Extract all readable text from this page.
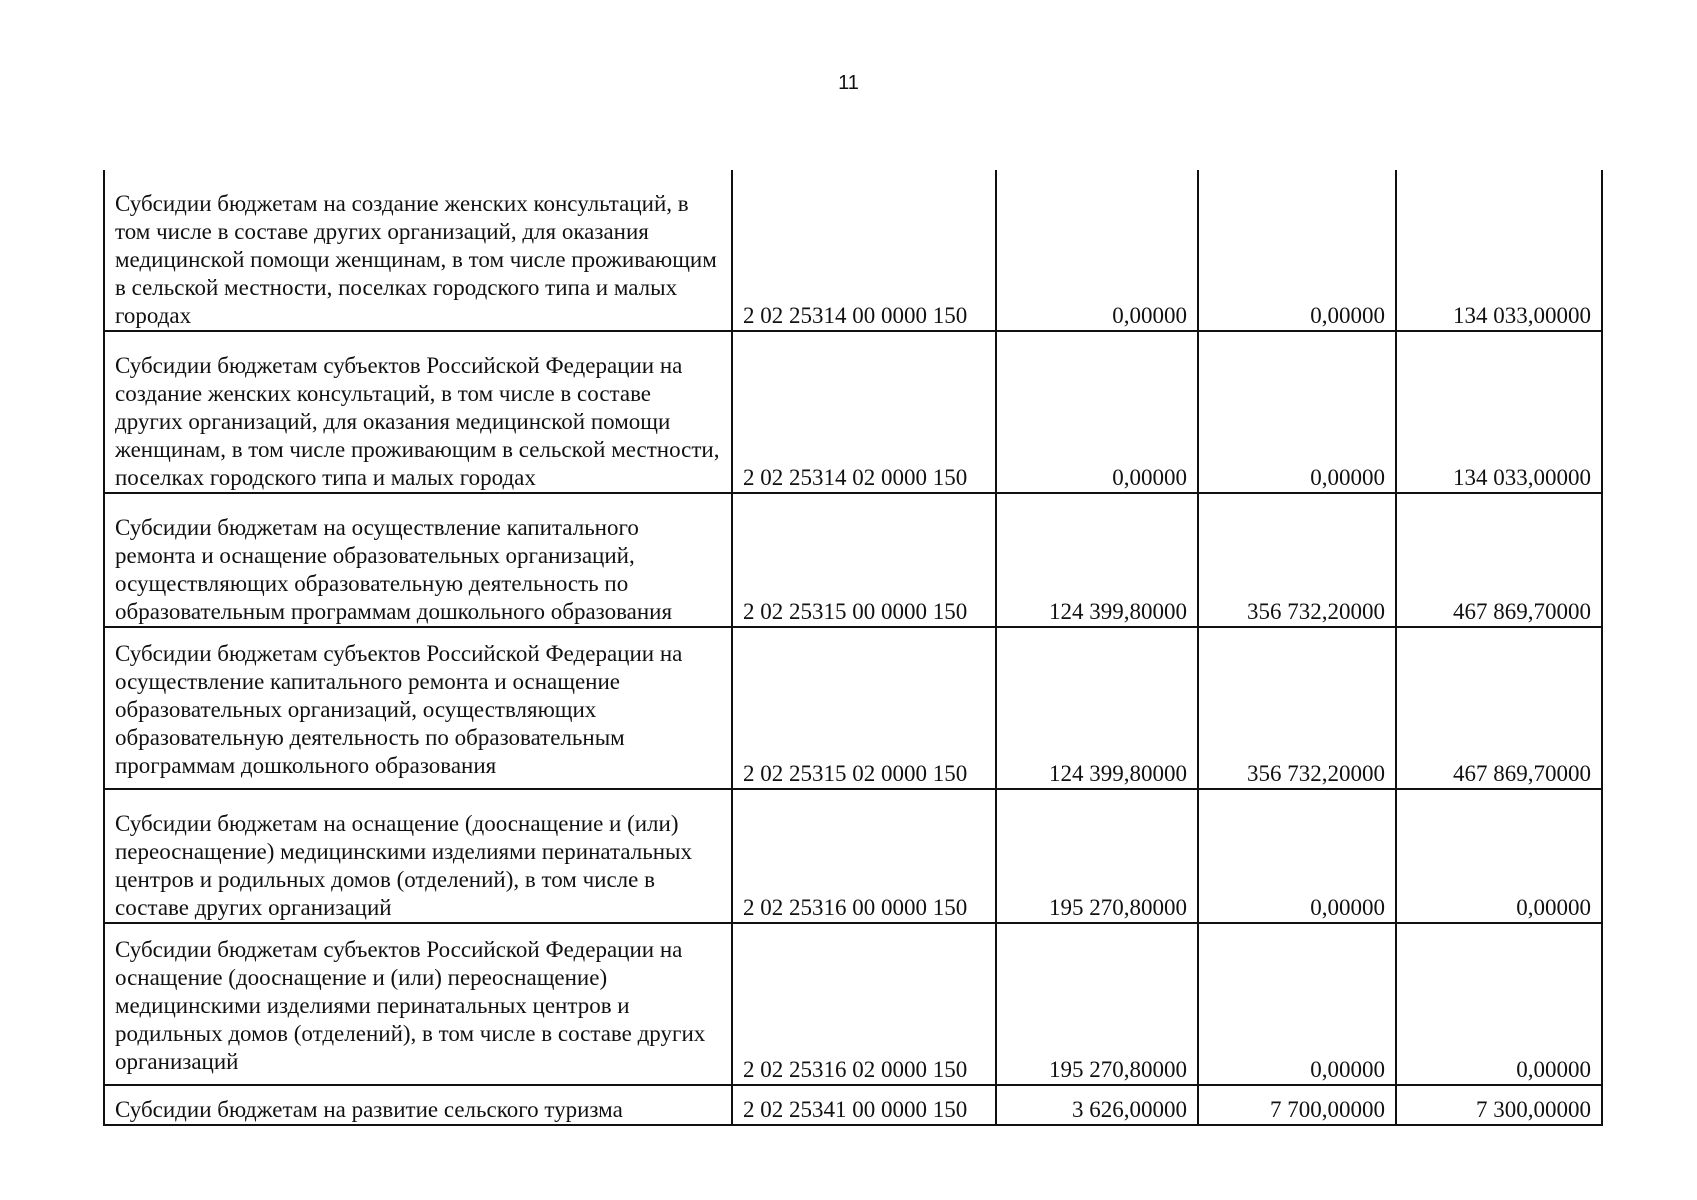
11
Субсидии бюджетам на создание женских консультаций, в том числе в составе других организаций, для оказания медицинской помощи женщинам, в том числе проживающим в сельской местности, поселках городского типа и малых городах	2 02 25314 00 0000 150	0,00000	0,00000	134 033,00000

Субсидии бюджетам субъектов Российской Федерации на создание женских консультаций, в том числе в составе других организаций, для оказания медицинской помощи женщинам, в том числе проживающим в сельской местности, поселках городского типа и малых городах	2 02 25314 02 0000 150	0,00000	0,00000	134 033,00000

Субсидии бюджетам на осуществление капитального ремонта и оснащение образовательных организаций, осуществляющих образовательную деятельность по образовательным программам дошкольного образования	2 02 25315 00 0000 150	124 399,80000	356 732,20000	467 869,70000

Субсидии бюджетам субъектов Российской Федерации на осуществление капитального ремонта и оснащение образовательных организаций, осуществляющих образовательную деятельность по образовательным программам дошкольного образования	2 02 25315 02 0000 150	124 399,80000	356 732,20000	467 869,70000

Субсидии бюджетам на оснащение (дооснащение и (или) переоснащение) медицинскими изделиями перинатальных центров и родильных домов (отделений), в том числе в составе других организаций	2 02 25316 00 0000 150	195 270,80000	0,00000	0,00000

Субсидии бюджетам субъектов Российской Федерации на оснащение (дооснащение и (или) переоснащение) медицинскими изделиями перинатальных центров и родильных домов (отделений), в том числе в составе других организаций	2 02 25316 02 0000 150	195 270,80000	0,00000	0,00000

Субсидии бюджетам на развитие сельского туризма	2 02 25341 00 0000 150	3 626,00000	7 700,00000	7 300,00000
